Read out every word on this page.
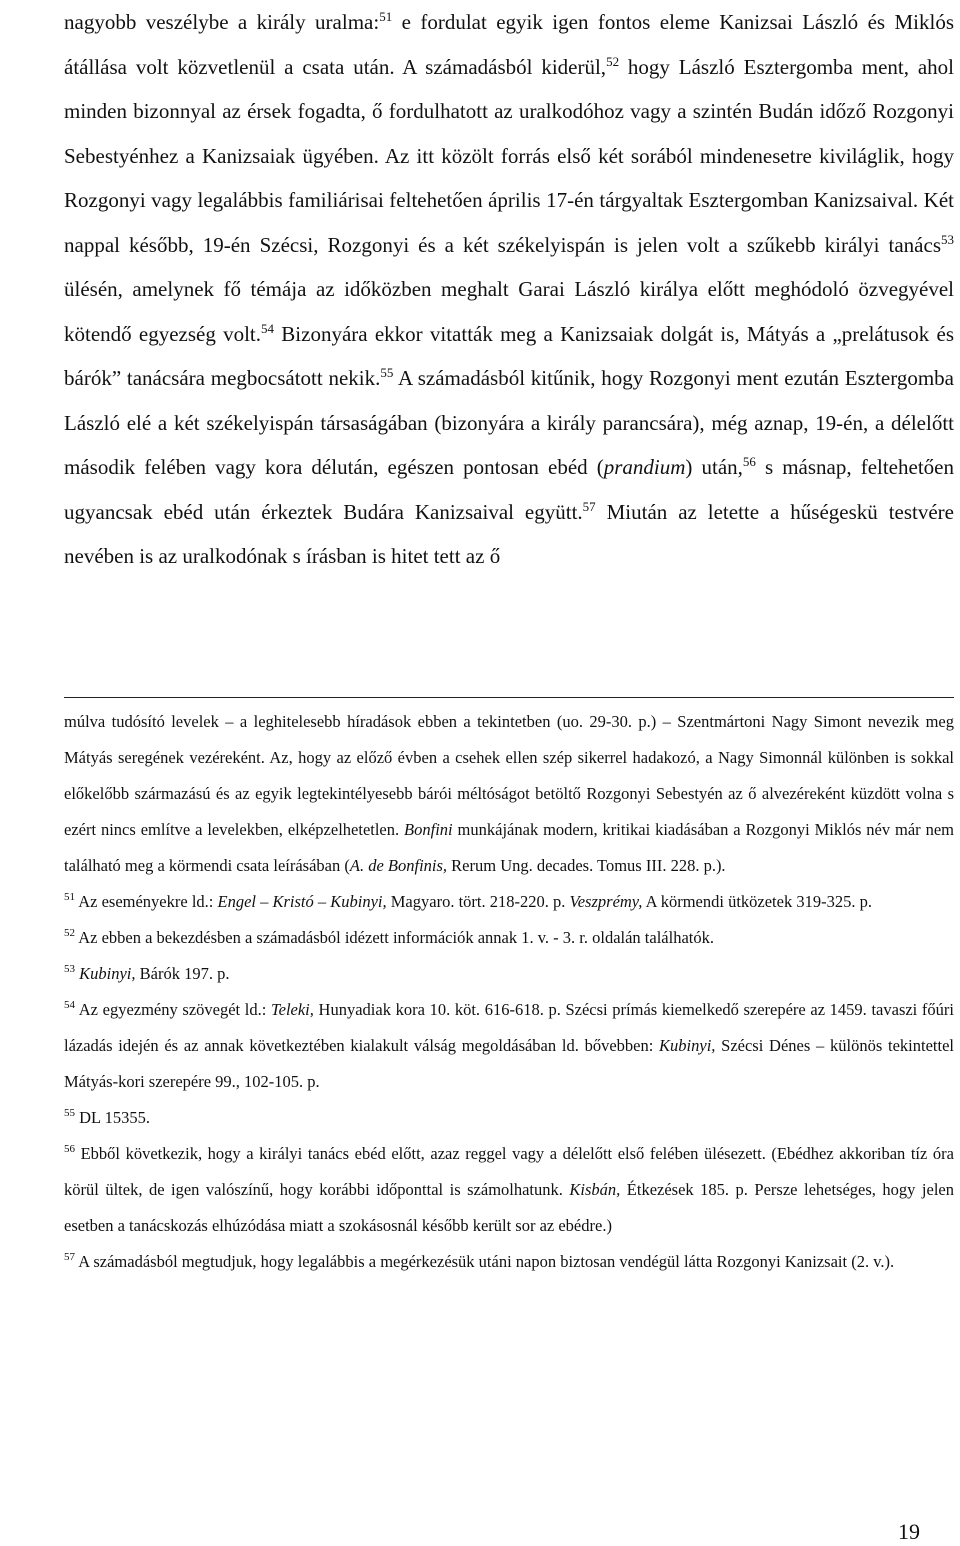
nagyobb veszélybe a király uralma:$^{51}$ e fordulat egyik igen fontos eleme Kanizsai László és Miklós átállása volt közvetlenül a csata után. A számadásból kiderül,$^{52}$ hogy László Esztergomba ment, ahol minden bizonnyal az érsek fogadta, ő fordulhatott az uralkodóhoz vagy a szintén Budán időző Rozgonyi Sebestyénhez a Kanizsaiak ügyében. Az itt közölt forrás első két sorából mindenesetre kiviláglik, hogy Rozgonyi vagy legalábbis familiárisai feltehetően április 17-én tárgyaltak Esztergomban Kanizsaival. Két nappal később, 19-én Szécsi, Rozgonyi és a két székelyispán is jelen volt a szűkebb királyi tanács$^{53}$ ülésén, amelynek fő témája az időközben meghalt Garai László királya előtt meghódoló özvegyével kötendő egyezség volt.$^{54}$ Bizonyára ekkor vitatták meg a Kanizsaiak dolgát is, Mátyás a „prelátusok és bárók” tanácsára megbocsátott nekik.$^{55}$ A számadásból kitűnik, hogy Rozgonyi ment ezután Esztergomba László elé a két székelyispán társaságában (bizonyára a király parancsára), még aznap, 19-én, a délelőtt második felében vagy kora délután, egészen pontosan ebéd (prandium) után,$^{56}$ s másnap, feltehetően ugyancsak ebéd után érkeztek Budára Kanizsaival együtt.$^{57}$ Miután az letette a hűségeskü testvére nevében is az uralkodónak s írásban is hitet tett az ő

múlva tudósító levelek – a leghitelesebb híradások ebben a tekintetben (uo. 29-30. p.) – Szentmártoni Nagy Simont nevezik meg Mátyás seregének vezéreként. Az, hogy az előző évben a csehek ellen szép sikerrel hadakozó, a Nagy Simonnál különben is sokkal előkelőbb származású és az egyik legtekintélyesebb bárói méltóságot betöltő Rozgonyi Sebestyén az ő alvezéreként küzdött volna s ezért nincs említve a levelekben, elképzelhetetlen. Bonfini munkájának modern, kritikai kiadásában a Rozgonyi Miklós név már nem található meg a körmendi csata leírásában (A. de Bonfinis, Rerum Ung. decades. Tomus III. 228. p.).

$^{51}$ Az eseményekre ld.: Engel – Kristó – Kubinyi, Magyaro. tört. 218-220. p. Veszprémy, A körmendi ütközetek 319-325. p.

$^{52}$ Az ebben a bekezdésben a számadásból idézett információk annak 1. v. - 3. r. oldalán találhatók.

$^{53}$ Kubinyi, Bárók 197. p.

$^{54}$ Az egyezmény szövegét ld.: Teleki, Hunyadiak kora 10. köt. 616-618. p. Szécsi prímás kiemelkedő szerepére az 1459. tavaszi főúri lázadás idején és az annak következtében kialakult válság megoldásában ld. bővebben: Kubinyi, Szécsi Dénes – különös tekintettel Mátyás-kori szerepére 99., 102-105. p.

$^{55}$ DL 15355.

$^{56}$ Ebből következik, hogy a királyi tanács ebéd előtt, azaz reggel vagy a délelőtt első felében ülésezett. (Ebédhez akkoriban tíz óra körül ültek, de igen valószínű, hogy korábbi időponttal is számolhatunk. Kisbán, Étkezések 185. p. Persze lehetséges, hogy jelen esetben a tanácskozás elhúzódása miatt a szokásosnál később került sor az ebédre.)

$^{57}$ A számadásból megtudjuk, hogy legalábbis a megérkezésük utáni napon biztosan vendégül látta Rozgonyi Kanizsait (2. v.).

19
